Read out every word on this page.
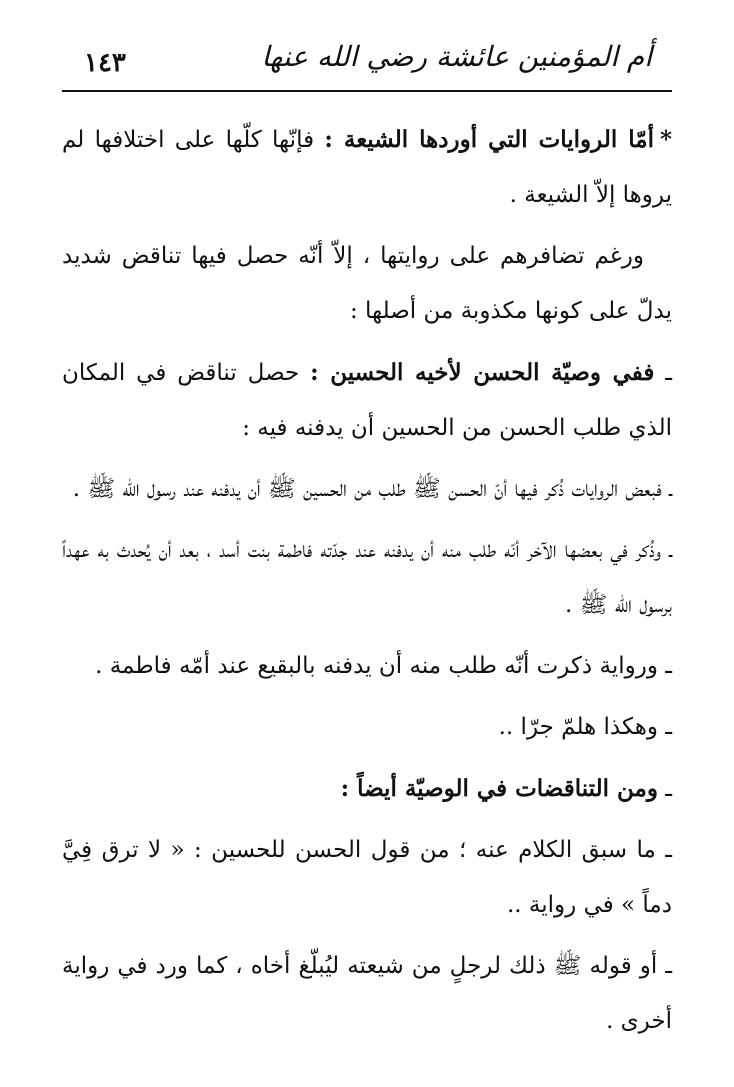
١٤٣	أم المؤمنين عائشة رضي الله عنها

*أمّا الروايات التي أوردها الشيعة : فإنّها كلّها على اختلافها لم يروها إلاّ الشيعة .

ورغم تضافرهم على روايتها ، إلاّ أنّه حصل فيها تناقض شديد يدلّ على كونها مكذوبة من أصلها :

ـ ففي وصيّة الحسن لأخيه الحسين : حصل تناقض في المكان الذي طلب الحسن من الحسين أن يدفنه فيه :

ـ فبعض الروايات ذُكر فيها أنّ الحسن ﷺ طلب من الحسين ﷺ أن يدفنه عند رسول الله ﷺ .

ـ وذُكر في بعضها الآخر أنّه طلب منه أن يدفنه عند جدّته فاطمة بنت أسد ، بعد أن يُحدث به عهداً برسول الله ﷺ .

ـ ورواية ذكرت أنّه طلب منه أن يدفنه بالبقيع عند أمّه فاطمة .

ـ وهكذا هلمّ جرّا ..

ـ ومن التناقضات في الوصيّة أيضاً :

ـ ما سبق الكلام عنه ؛ من قول الحسن للحسين : « لا ترق فِيَّ دماً » في رواية ..

ـ أو قوله ﷺ ذلك لرجلٍ من شيعته ليُبلّغ أخاه ، كما ورد في رواية أخرى .
